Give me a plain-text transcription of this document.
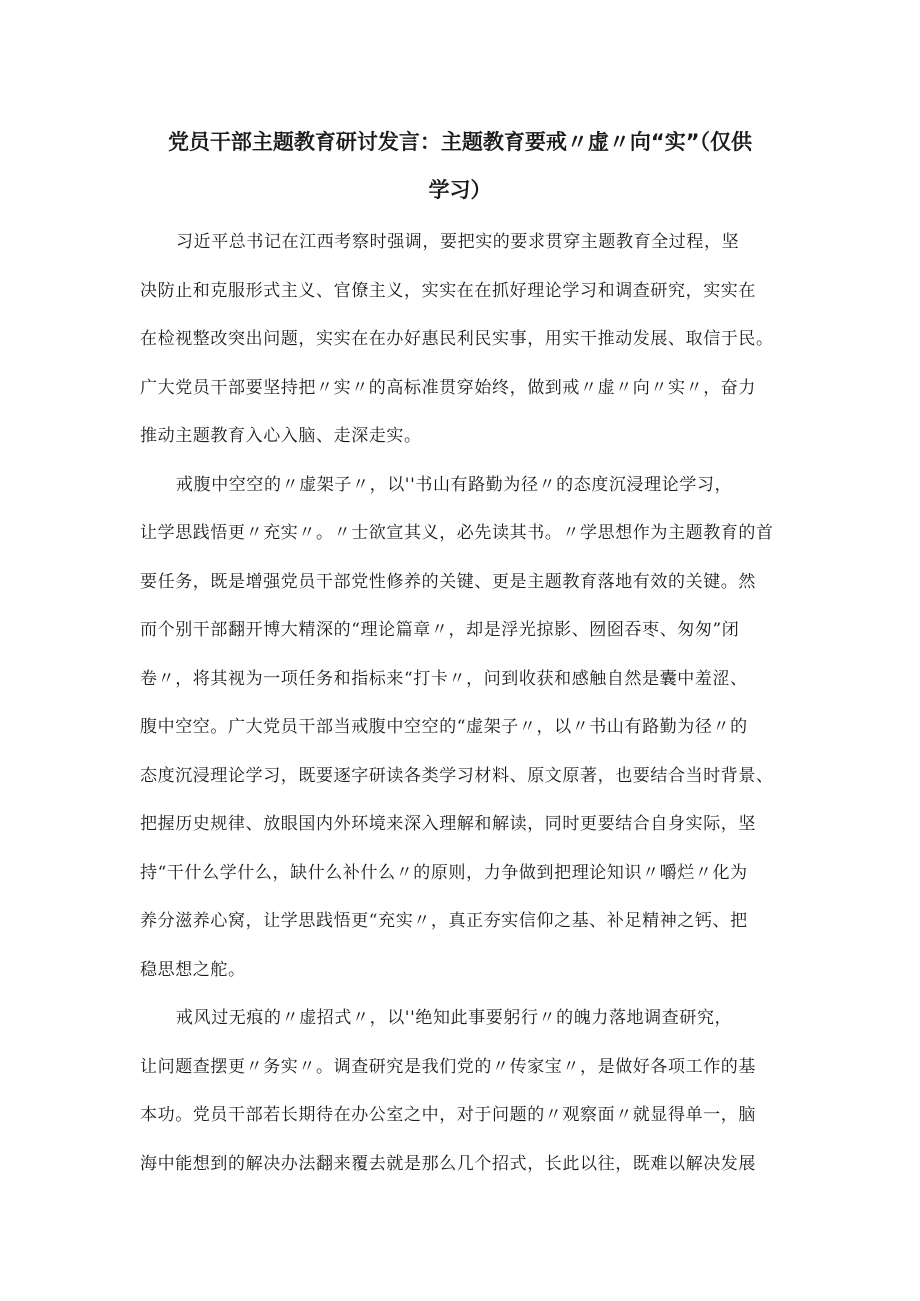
党员干部主题教育研讨发言：主题教育要戒〃虚〃向“实”（仅供
学习）
习近平总书记在江西考察时强调，要把实的要求贯穿主题教育全过程，坚
决防止和克服形式主义、官僚主义，实实在在抓好理论学习和调查研究，实实在
在检视整改突出问题，实实在在办好惠民利民实事，用实干推动发展、取信于民。
广大党员干部要坚持把〃实〃的高标准贯穿始终，做到戒〃虚〃向〃实〃，奋力
推动主题教育入心入脑、走深走实。
戒腹中空空的〃虚架子〃，以''书山有路勤为径〃的态度沉浸理论学习，
让学思践悟更〃充实〃。〃士欲宣其义，必先读其书。〃学思想作为主题教育的首
要任务，既是增强党员干部党性修养的关键、更是主题教育落地有效的关键。然
而个别干部翻开博大精深的“理论篇章〃，却是浮光掠影、囫囵吞枣、匆匆”闭
卷〃，将其视为一项任务和指标来“打卡〃，问到收获和感触自然是囊中羞涩、
腹中空空。广大党员干部当戒腹中空空的“虚架子〃，以〃书山有路勤为径〃的
态度沉浸理论学习，既要逐字研读各类学习材料、原文原著，也要结合当时背景、
把握历史规律、放眼国内外环境来深入理解和解读，同时更要结合自身实际，坚
持“干什么学什么，缺什么补什么〃的原则，力争做到把理论知识〃嚼烂〃化为
养分滋养心窝，让学思践悟更“充实〃，真正夯实信仰之基、补足精神之钙、把
稳思想之舵。
戒风过无痕的〃虚招式〃，以''绝知此事要躬行〃的魄力落地调查研究，
让问题查摆更〃务实〃。调查研究是我们党的〃传家宝〃，是做好各项工作的基
本功。党员干部若长期待在办公室之中，对于问题的〃观察面〃就显得单一，脑
海中能想到的解决办法翻来覆去就是那么几个招式，长此以往，既难以解决发展
